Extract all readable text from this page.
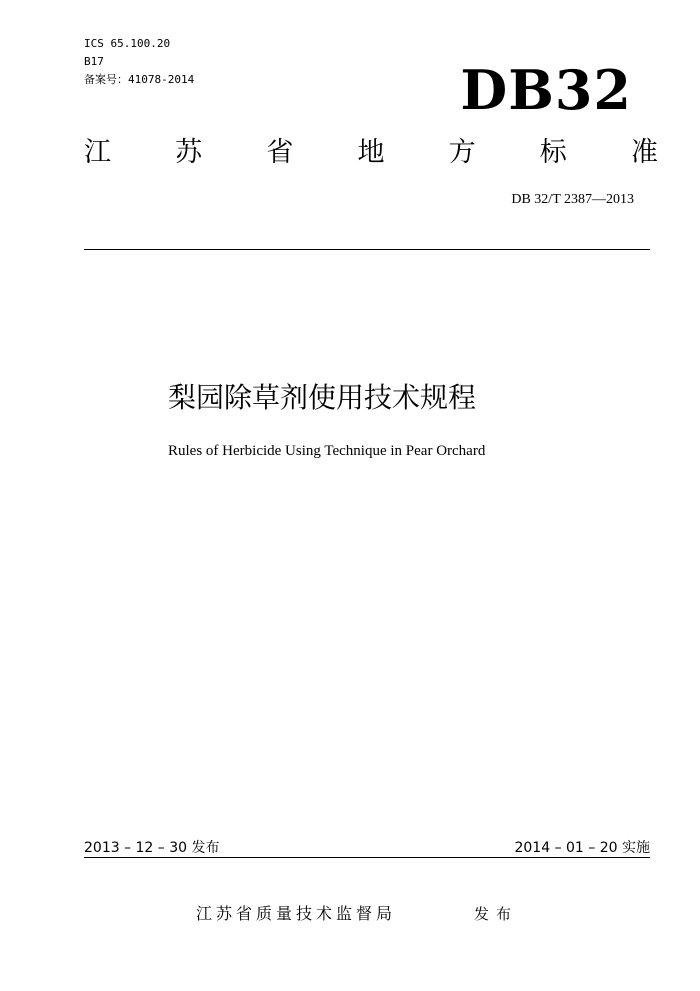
ICS 65.100.20
B17
备案号：41078-2014	DB32
江 苏 省 地 方 标 准
DB 32/T 2387—2013
梨园除草剂使用技术规程
Rules of Herbicide Using Technique in Pear Orchard
2013 – 12 – 30 发布	2014 – 01 – 20 实施
江苏省质量技术监督局	发布
